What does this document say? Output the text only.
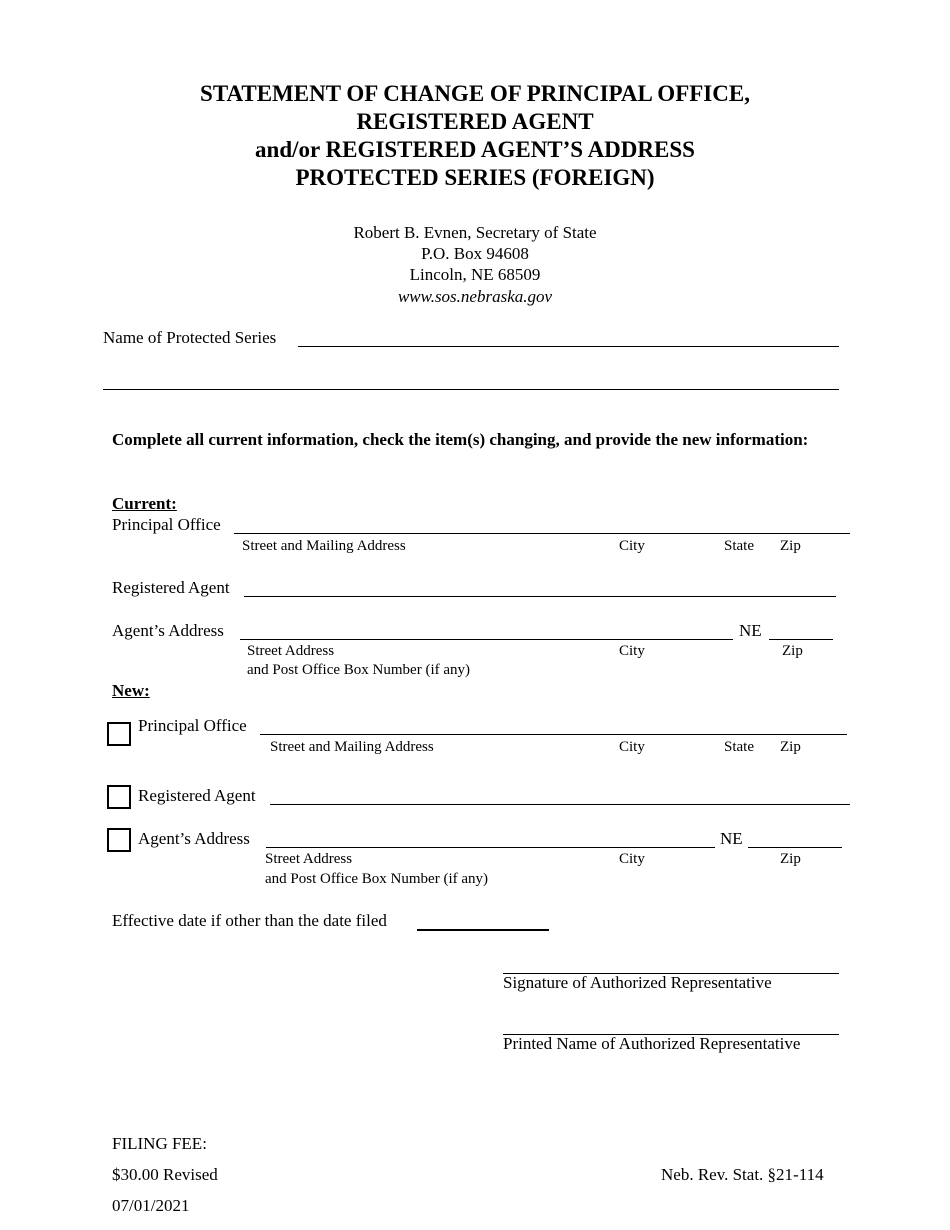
STATEMENT OF CHANGE OF PRINCIPAL OFFICE,
REGISTERED AGENT
and/or REGISTERED AGENT’S ADDRESS
PROTECTED SERIES (FOREIGN)
Robert B. Evnen, Secretary of State
P.O. Box 94608
Lincoln, NE 68509
www.sos.nebraska.gov
Name of Protected Series
Complete all current information, check the item(s) changing, and provide the new information:
Current:
Principal Office
Street and Mailing Address	City	State Zip
Registered Agent
Agent’s Address	NE
Street Address
and Post Office Box Number (if any)
City	Zip
New:
Principal Office
Street and Mailing Address	City	State Zip
Registered Agent
Agent’s Address	NE
Street Address
and Post Office Box Number (if any)
City	Zip
Effective date if other than the date filed
Signature of Authorized Representative
Printed Name of Authorized Representative
FILING FEE:
$30.00 Revised
07/01/2021
Neb. Rev. Stat. §21-114
